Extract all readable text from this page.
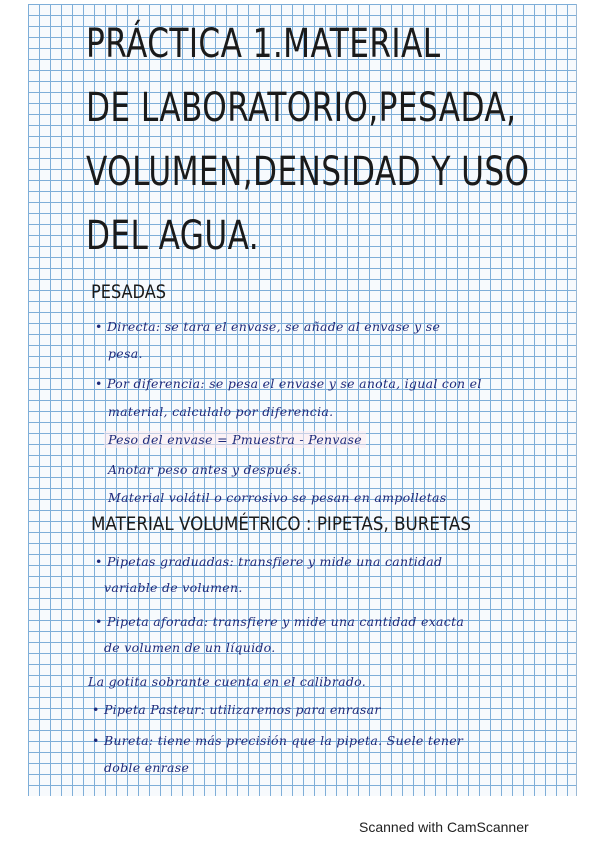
PRÁCTICA 1.MATERIAL
DE LABORATORIO,PESADA,
VOLUMEN,DENSIDAD Y USO
DEL AGUA.
PESADAS
• Directa: se tara el envase, se añade al envase y se
pesa.
• Por diferencia: se pesa el envase y se anota, igual con el
material, calculalo por diferencia.
Peso del envase = Pmuestra - Penvase
Anotar peso antes y después.
Material volátil o corrosivo se pesan en ampolletas
MATERIAL VOLUMÉTRICO : PIPETAS, BURETAS
• Pipetas graduadas: transfiere y mide una cantidad
variable de volumen.
• Pipeta aforada: transfiere y mide una cantidad exacta
de volumen de un líquido.
La gotita sobrante cuenta en el calibrado.
• Pipeta Pasteur: utilizaremos para enrasar
• Bureta: tiene más precisión que la pipeta. Suele tener
doble enrase
Scanned with CamScanner
